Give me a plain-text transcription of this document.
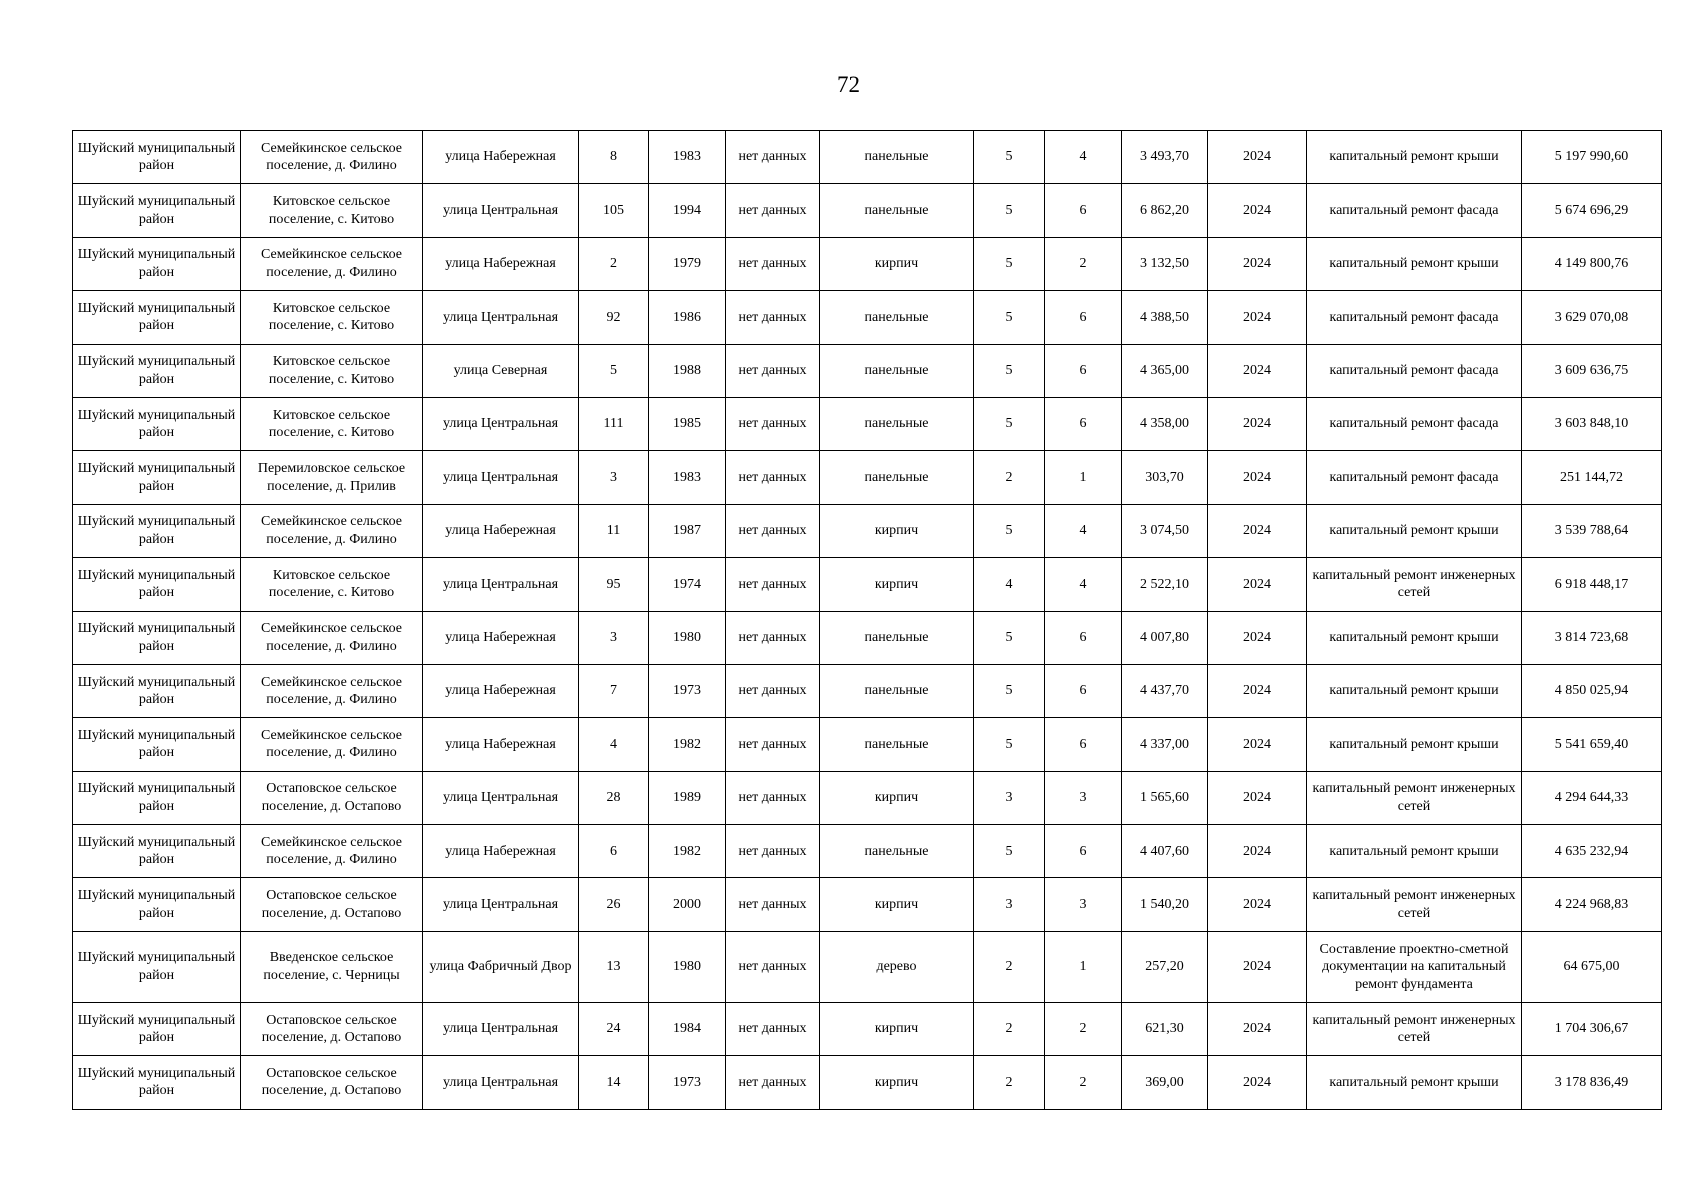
72
Шуйский муниципальный район	Семейкинское сельское поселение, д. Филино	улица Набережная	8	1983	нет данных	панельные	5	4	3 493,70	2024	капитальный ремонт крыши	5 197 990,60
Шуйский муниципальный район	Китовское сельское поселение, с. Китово	улица Центральная	105	1994	нет данных	панельные	5	6	6 862,20	2024	капитальный ремонт фасада	5 674 696,29
Шуйский муниципальный район	Семейкинское сельское поселение, д. Филино	улица Набережная	2	1979	нет данных	кирпич	5	2	3 132,50	2024	капитальный ремонт крыши	4 149 800,76
Шуйский муниципальный район	Китовское сельское поселение, с. Китово	улица Центральная	92	1986	нет данных	панельные	5	6	4 388,50	2024	капитальный ремонт фасада	3 629 070,08
Шуйский муниципальный район	Китовское сельское поселение, с. Китово	улица Северная	5	1988	нет данных	панельные	5	6	4 365,00	2024	капитальный ремонт фасада	3 609 636,75
Шуйский муниципальный район	Китовское сельское поселение, с. Китово	улица Центральная	111	1985	нет данных	панельные	5	6	4 358,00	2024	капитальный ремонт фасада	3 603 848,10
Шуйский муниципальный район	Перемиловское сельское поселение, д. Прилив	улица Центральная	3	1983	нет данных	панельные	2	1	303,70	2024	капитальный ремонт фасада	251 144,72
Шуйский муниципальный район	Семейкинское сельское поселение, д. Филино	улица Набережная	11	1987	нет данных	кирпич	5	4	3 074,50	2024	капитальный ремонт крыши	3 539 788,64
Шуйский муниципальный район	Китовское сельское поселение, с. Китово	улица Центральная	95	1974	нет данных	кирпич	4	4	2 522,10	2024	капитальный ремонт инженерных сетей	6 918 448,17
Шуйский муниципальный район	Семейкинское сельское поселение, д. Филино	улица Набережная	3	1980	нет данных	панельные	5	6	4 007,80	2024	капитальный ремонт крыши	3 814 723,68
Шуйский муниципальный район	Семейкинское сельское поселение, д. Филино	улица Набережная	7	1973	нет данных	панельные	5	6	4 437,70	2024	капитальный ремонт крыши	4 850 025,94
Шуйский муниципальный район	Семейкинское сельское поселение, д. Филино	улица Набережная	4	1982	нет данных	панельные	5	6	4 337,00	2024	капитальный ремонт крыши	5 541 659,40
Шуйский муниципальный район	Остаповское сельское поселение, д. Остапово	улица Центральная	28	1989	нет данных	кирпич	3	3	1 565,60	2024	капитальный ремонт инженерных сетей	4 294 644,33
Шуйский муниципальный район	Семейкинское сельское поселение, д. Филино	улица Набережная	6	1982	нет данных	панельные	5	6	4 407,60	2024	капитальный ремонт крыши	4 635 232,94
Шуйский муниципальный район	Остаповское сельское поселение, д. Остапово	улица Центральная	26	2000	нет данных	кирпич	3	3	1 540,20	2024	капитальный ремонт инженерных сетей	4 224 968,83
Шуйский муниципальный район	Введенское сельское поселение, с. Черницы	улица Фабричный Двор	13	1980	нет данных	дерево	2	1	257,20	2024	Составление проектно-сметной документации на капитальный ремонт фундамента	64 675,00
Шуйский муниципальный район	Остаповское сельское поселение, д. Остапово	улица Центральная	24	1984	нет данных	кирпич	2	2	621,30	2024	капитальный ремонт инженерных сетей	1 704 306,67
Шуйский муниципальный район	Остаповское сельское поселение, д. Остапово	улица Центральная	14	1973	нет данных	кирпич	2	2	369,00	2024	капитальный ремонт крыши	3 178 836,49
